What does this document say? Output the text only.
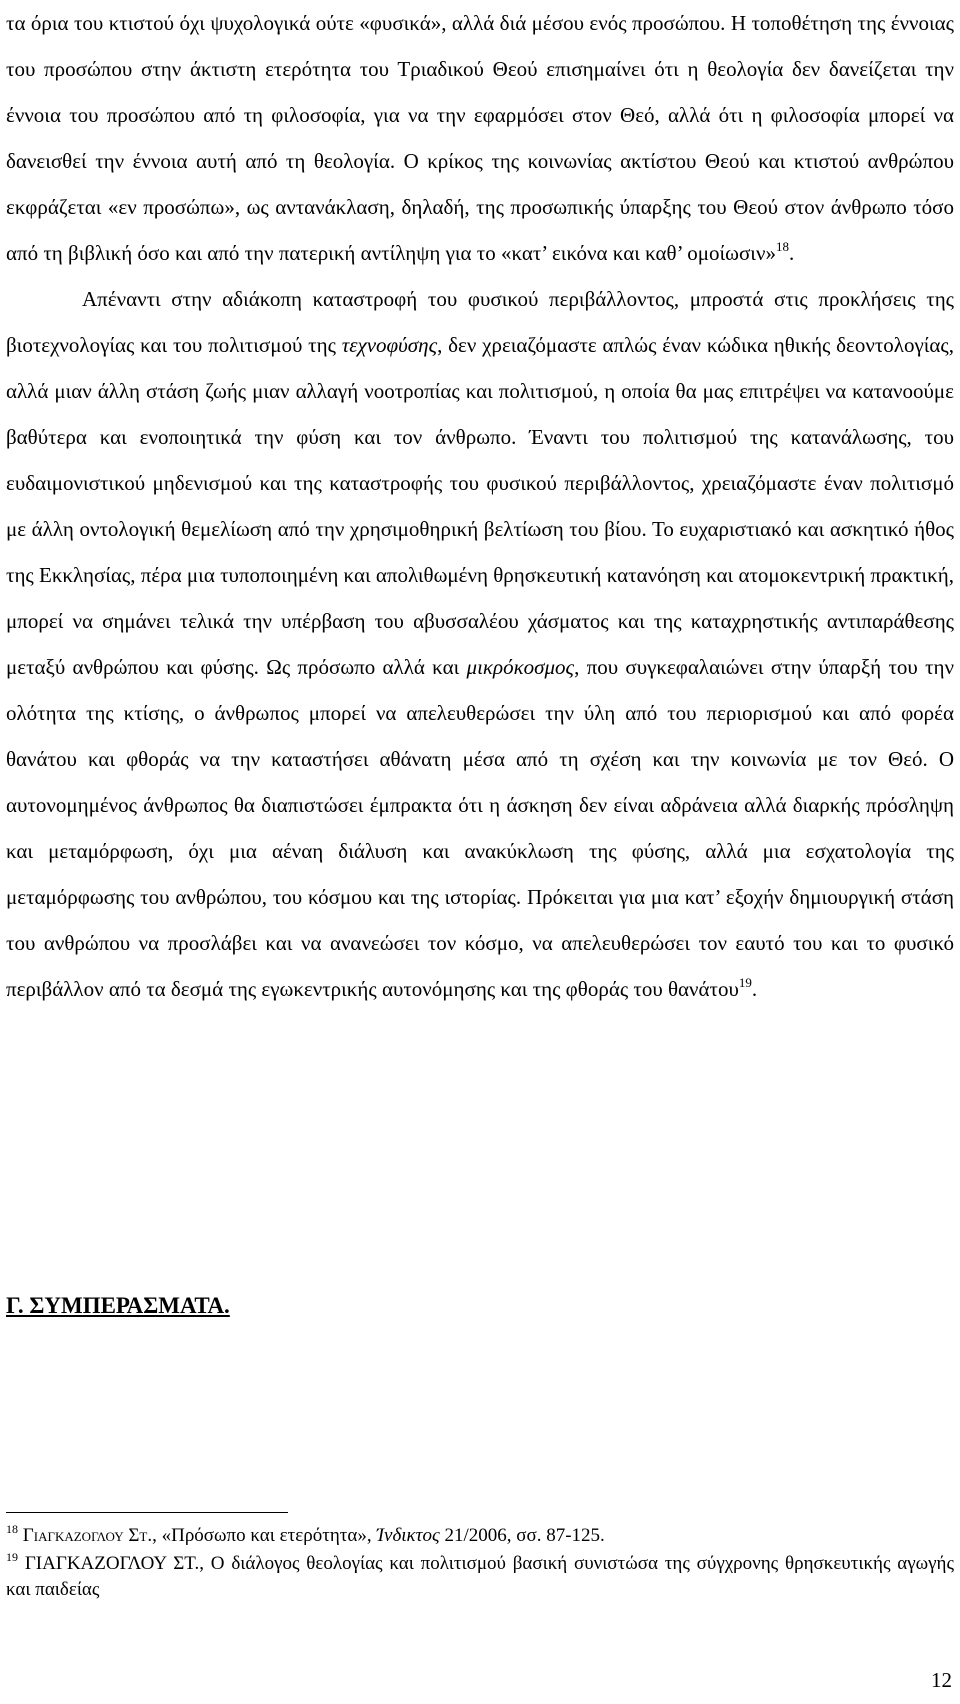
τα όρια του κτιστού όχι ψυχολογικά ούτε «φυσικά», αλλά διά μέσου ενός προσώπου. Η τοποθέτηση της έννοιας του προσώπου στην άκτιστη ετερότητα του Τριαδικού Θεού επισημαίνει ότι η θεολογία δεν δανείζεται την έννοια του προσώπου από τη φιλοσοφία, για να την εφαρμόσει στον Θεό, αλλά ότι η φιλοσοφία μπορεί να δανεισθεί την έννοια αυτή από τη θεολογία. Ο κρίκος της κοινωνίας ακτίστου Θεού και κτιστού ανθρώπου εκφράζεται «εν προσώπω», ως αντανάκλαση, δηλαδή, της προσωπικής ύπαρξης του Θεού στον άνθρωπο τόσο από τη βιβλική όσο και από την πατερική αντίληψη για το «κατ’ εικόνα και καθ’ ομοίωσιν»$^{18}$.

Απέναντι στην αδιάκοπη καταστροφή του φυσικού περιβάλλοντος, μπροστά στις προκλήσεις της βιοτεχνολογίας και του πολιτισμού της τεχνοφύσης, δεν χρειαζόμαστε απλώς έναν κώδικα ηθικής δεοντολογίας, αλλά μιαν άλλη στάση ζωής μιαν αλλαγή νοοτροπίας και πολιτισμού, η οποία θα μας επιτρέψει να κατανοούμε βαθύτερα και ενοποιητικά την φύση και τον άνθρωπο. Έναντι του πολιτισμού της κατανάλωσης, του ευδαιμονιστικού μηδενισμού και της καταστροφής του φυσικού περιβάλλοντος, χρειαζόμαστε έναν πολιτισμό με άλλη οντολογική θεμελίωση από την χρησιμοθηρική βελτίωση του βίου. Το ευχαριστιακό και ασκητικό ήθος της Εκκλησίας, πέρα μια τυποποιημένη και απολιθωμένη θρησκευτική κατανόηση και ατομοκεντρική πρακτική, μπορεί να σημάνει τελικά την υπέρβαση του αβυσσαλέου χάσματος και της καταχρηστικής αντιπαράθεσης μεταξύ ανθρώπου και φύσης. Ως πρόσωπο αλλά και μικρόκοσμος, που συγκεφαλαιώνει στην ύπαρξή του την ολότητα της κτίσης, ο άνθρωπος μπορεί να απελευθερώσει την ύλη από του περιορισμού και από φορέα θανάτου και φθοράς να την καταστήσει αθάνατη μέσα από τη σχέση και την κοινωνία με τον Θεό. Ο αυτονομημένος άνθρωπος θα διαπιστώσει έμπρακτα ότι η άσκηση δεν είναι αδράνεια αλλά διαρκής πρόσληψη και μεταμόρφωση, όχι μια αέναη διάλυση και ανακύκλωση της φύσης, αλλά μια εσχατολογία της μεταμόρφωσης του ανθρώπου, του κόσμου και της ιστορίας. Πρόκειται για μια κατ’ εξοχήν δημιουργική στάση του ανθρώπου να προσλάβει και να ανανεώσει τον κόσμο, να απελευθερώσει τον εαυτό του και το φυσικό περιβάλλον από τα δεσμά της εγωκεντρικής αυτονόμησης και της φθοράς του θανάτου$^{19}$.

Γ. ΣΥΜΠΕΡΑΣΜΑΤΑ.

$^{18}$ Γιαγκαζογλου Στ., «Πρόσωπο και ετερότητα», Ίνδικτος 21/2006, σσ. 87-125.

$^{19}$ ΓΙΑΓΚΑΖΟΓΛΟΥ ΣΤ., Ο διάλογος θεολογίας και πολιτισμού βασική συνιστώσα της σύγχρονης θρησκευτικής αγωγής και παιδείας

12
